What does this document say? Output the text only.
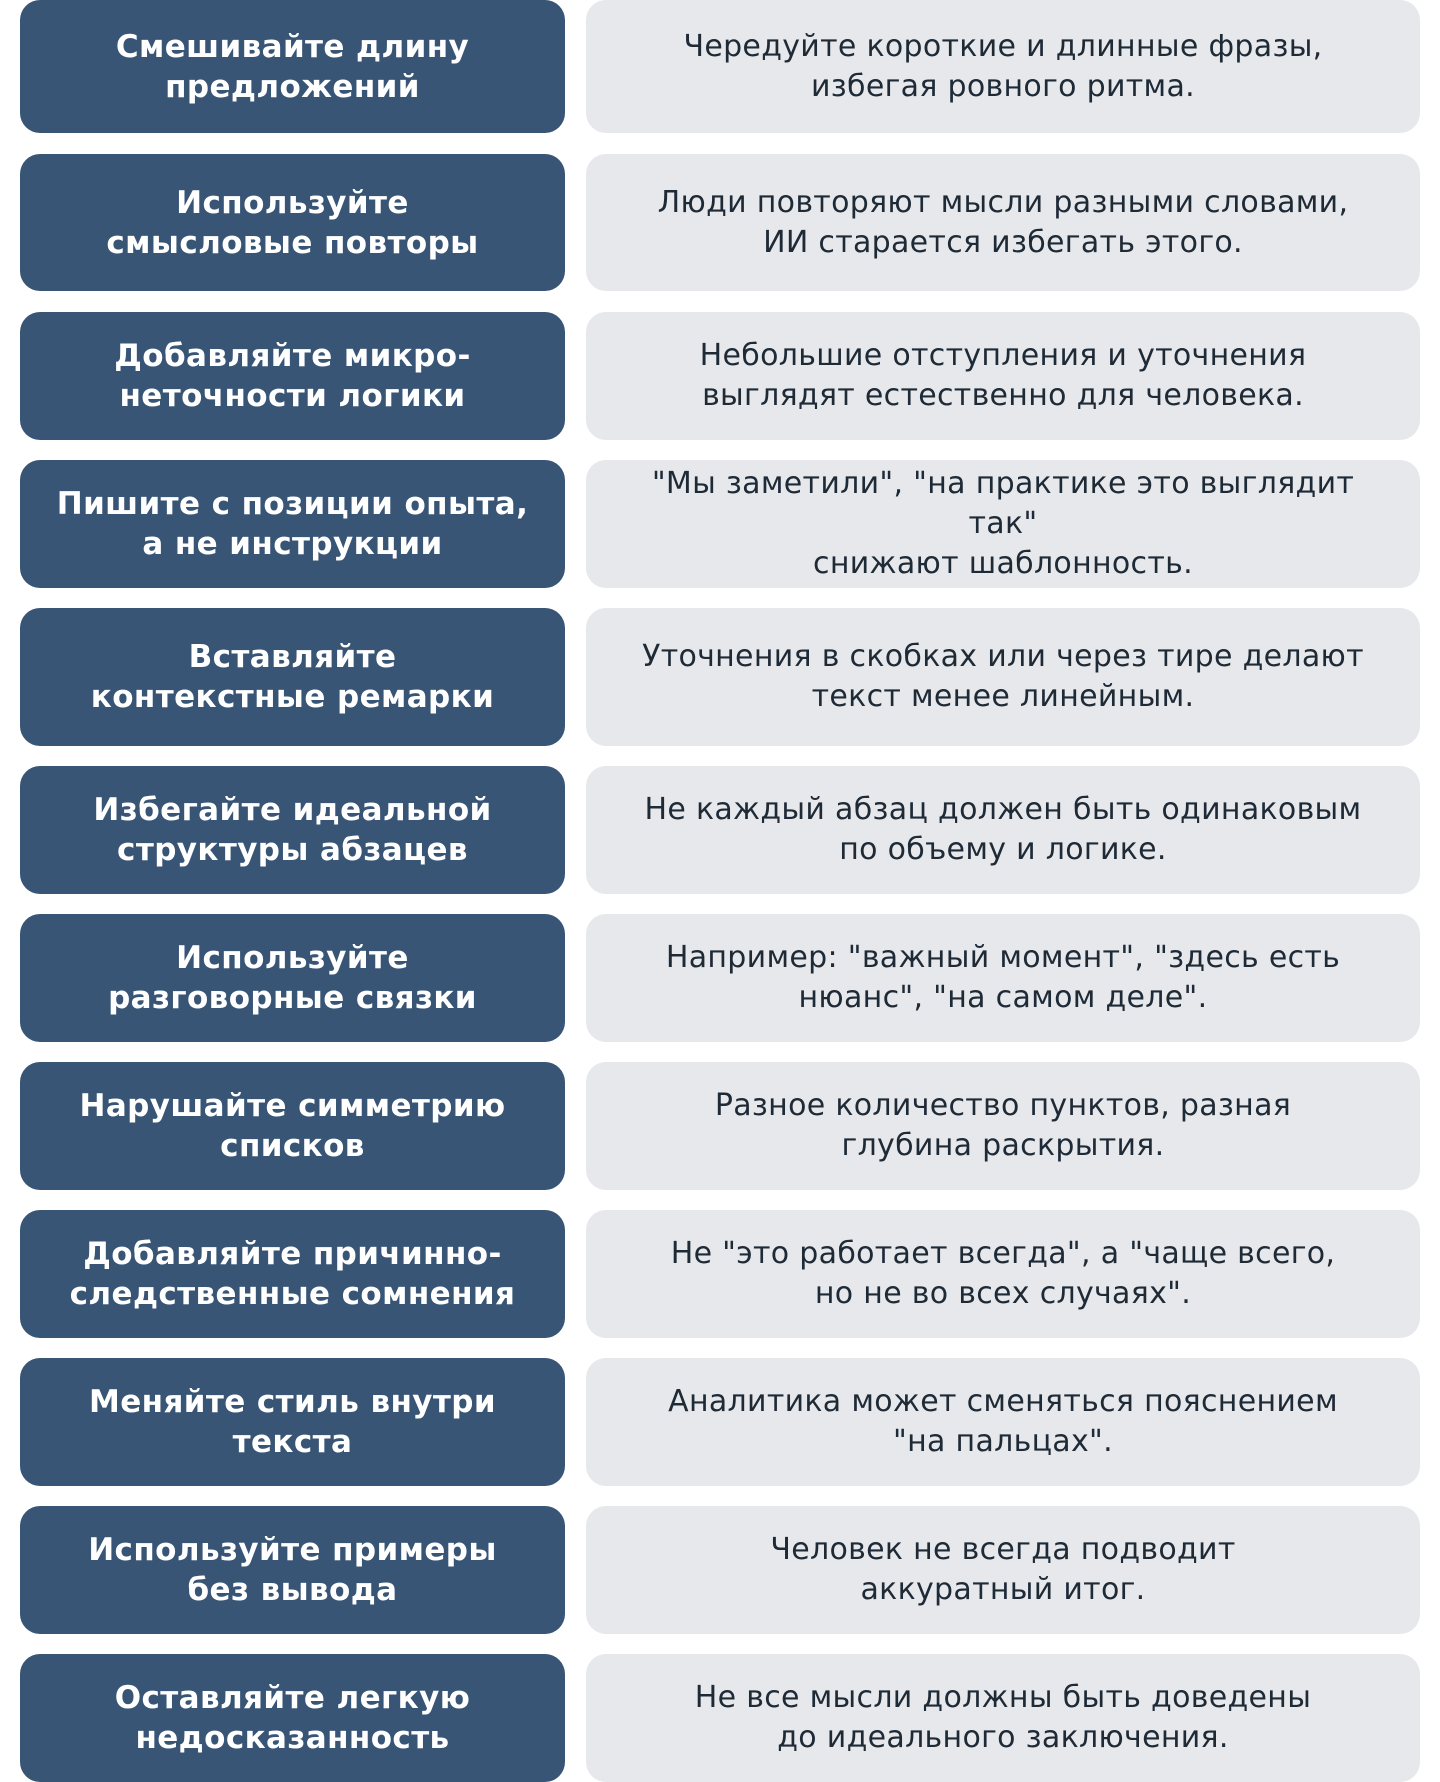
Смешивайте длину
предложений
Чередуйте короткие и длинные фразы,
избегая ровного ритма.
Используйте
смысловые повторы
Люди повторяют мысли разными словами,
ИИ старается избегать этого.
Добавляйте микро-
неточности логики
Небольшие отступления и уточнения
выглядят естественно для человека.
Пишите с позиции опыта,
а не инструкции
"Мы заметили", "на практике это выглядит так"
снижают шаблонность.
Вставляйте
контекстные ремарки
Уточнения в скобках или через тире делают
текст менее линейным.
Избегайте идеальной
структуры абзацев
Не каждый абзац должен быть одинаковым
по объему и логике.
Используйте
разговорные связки
Например: "важный момент", "здесь есть
нюанс", "на самом деле".
Нарушайте симметрию
списков
Разное количество пунктов, разная
глубина раскрытия.
Добавляйте причинно-
следственные сомнения
Не "это работает всегда", а "чаще всего,
но не во всех случаях".
Меняйте стиль внутри
текста
Аналитика может сменяться пояснением
"на пальцах".
Используйте примеры
без вывода
Человек не всегда подводит
аккуратный итог.
Оставляйте легкую
недосказанность
Не все мысли должны быть доведены
до идеального заключения.
